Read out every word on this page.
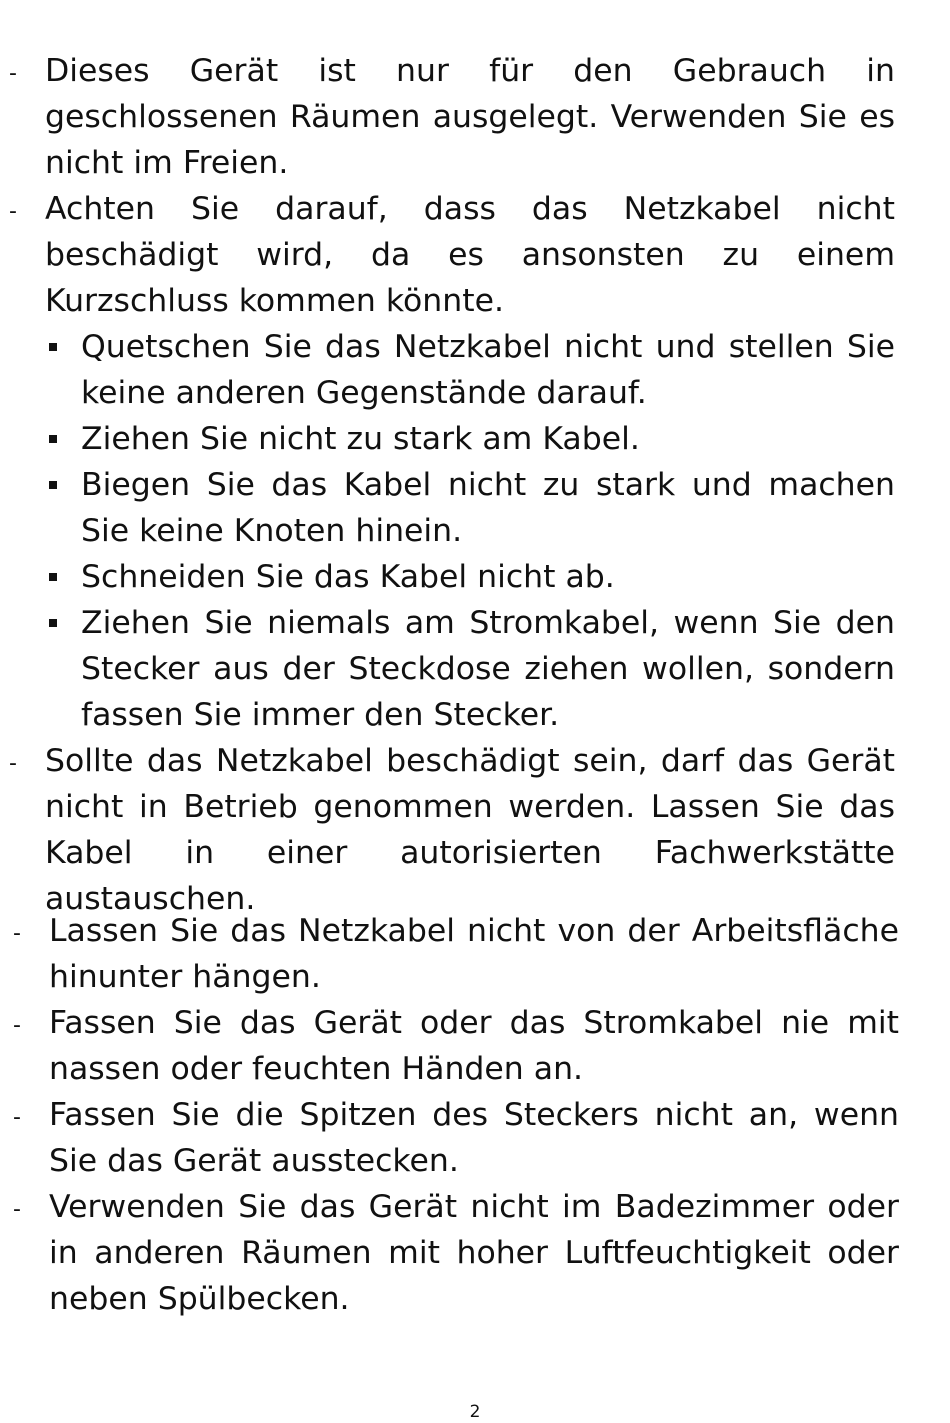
- Dieses Gerät ist nur für den Gebrauch in geschlossenen Räumen ausgelegt. Verwenden Sie es nicht im Freien.

- Achten Sie darauf, dass das Netzkabel nicht beschädigt wird, da es ansonsten zu einem Kurzschluss kommen könnte.

Quetschen Sie das Netzkabel nicht und stellen Sie keine anderen Gegenstände darauf.

Ziehen Sie nicht zu stark am Kabel.

Biegen Sie das Kabel nicht zu stark und machen Sie keine Knoten hinein.

Schneiden Sie das Kabel nicht ab.

Ziehen Sie niemals am Stromkabel, wenn Sie den Stecker aus der Steckdose ziehen wollen, sondern fassen Sie immer den Stecker.

- Sollte das Netzkabel beschädigt sein, darf das Gerät nicht in Betrieb genommen werden. Lassen Sie das Kabel in einer autorisierten Fachwerkstätte austauschen.

- Lassen Sie das Netzkabel nicht von der Arbeitsfläche hinunter hängen.

- Fassen Sie das Gerät oder das Stromkabel nie mit nassen oder feuchten Händen an.

- Fassen Sie die Spitzen des Steckers nicht an, wenn Sie das Gerät ausstecken.

- Verwenden Sie das Gerät nicht im Badezimmer oder in anderen Räumen mit hoher Luftfeuchtigkeit oder neben Spülbecken.

2
